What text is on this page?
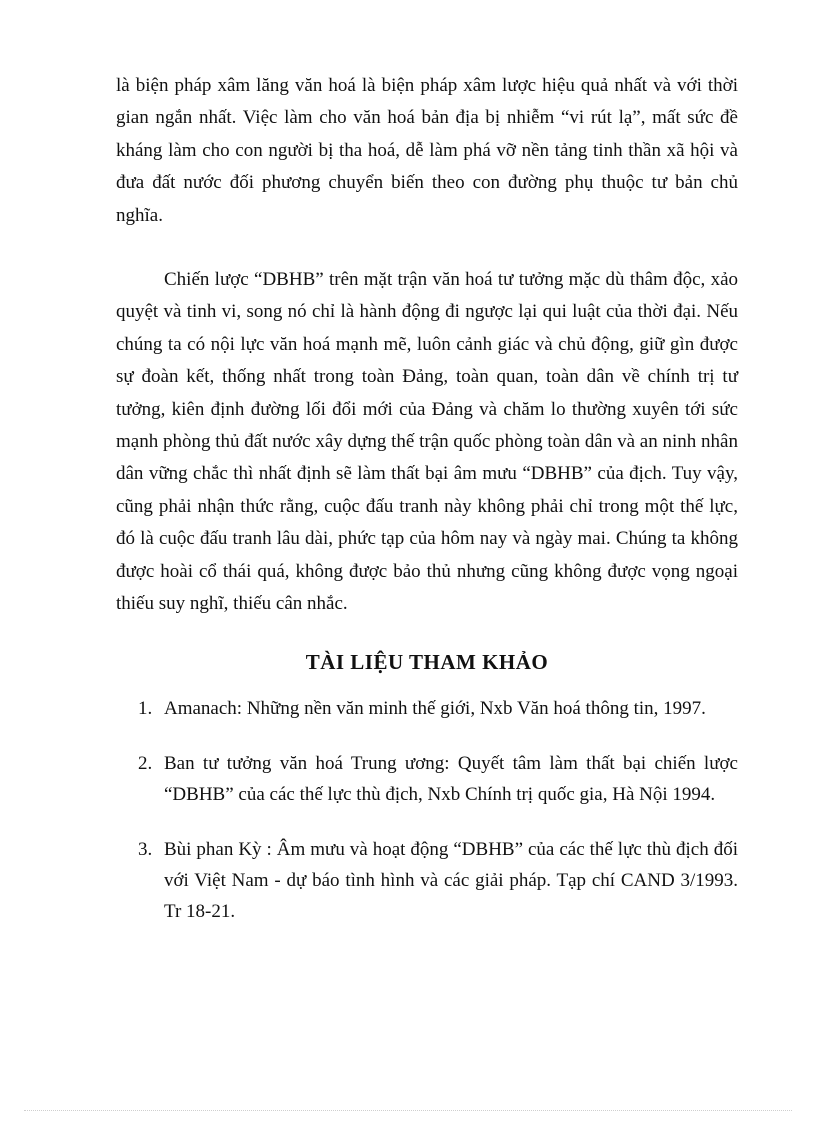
là biện pháp xâm lăng văn hoá là biện pháp xâm lược hiệu quả nhất và với thời gian ngắn nhất. Việc làm cho văn hoá bản địa bị nhiễm “vi rút lạ”, mất sức đề kháng làm cho con người bị tha hoá, dễ làm phá vỡ nền tảng tinh thần xã hội và đưa đất nước đối phương chuyển biến theo con đường phụ thuộc tư bản chủ nghĩa.

Chiến lược “DBHB” trên mặt trận văn hoá tư tưởng mặc dù thâm độc, xảo quyệt và tinh vi, song nó chỉ là hành động đi ngược lại qui luật của thời đại. Nếu chúng ta có nội lực văn hoá mạnh mẽ, luôn cảnh giác và chủ động, giữ gìn được sự đoàn kết, thống nhất trong toàn Đảng, toàn quan, toàn dân về chính trị tư tưởng, kiên định đường lối đổi mới của Đảng và chăm lo thường xuyên tới sức mạnh phòng thủ đất nước xây dựng thế trận quốc phòng toàn dân và an ninh nhân dân vững chắc thì nhất định sẽ làm thất bại âm mưu “DBHB” của địch. Tuy vậy, cũng phải nhận thức rằng, cuộc đấu tranh này không phải chỉ trong một thế lực, đó là cuộc đấu tranh lâu dài, phức tạp của hôm nay và ngày mai. Chúng ta không được hoài cổ thái quá, không được bảo thủ nhưng cũng không được vọng ngoại thiếu suy nghĩ, thiếu cân nhắc.

TÀI LIỆU THAM KHẢO
1. Amanach: Những nền văn minh thế giới, Nxb Văn hoá thông tin, 1997.
2. Ban tư tưởng văn hoá Trung ương: Quyết tâm làm thất bại chiến lược “DBHB” của các thế lực thù địch, Nxb Chính trị quốc gia, Hà Nội 1994.
3. Bùi phan Kỳ : Âm mưu và hoạt động “DBHB” của các thế lực thù địch đối với Việt Nam - dự báo tình hình và các giải pháp. Tạp chí CAND 3/1993. Tr 18-21.
